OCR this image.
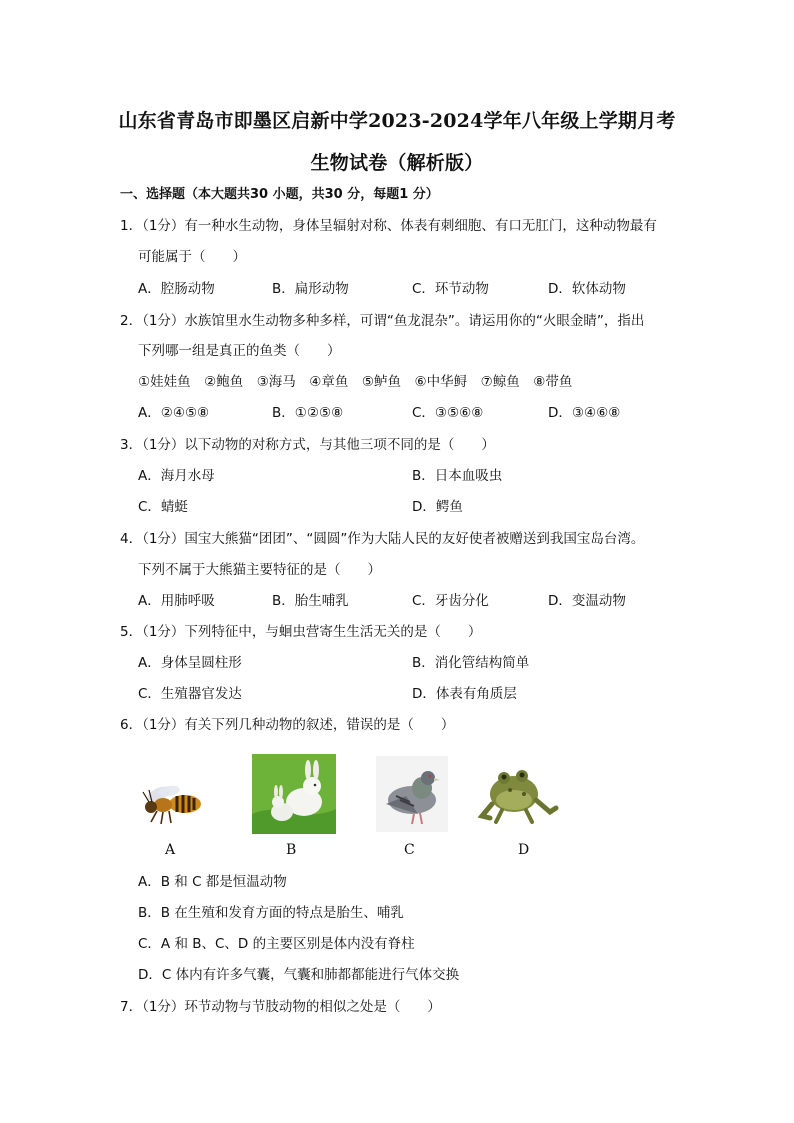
山东省青岛市即墨区启新中学2023-2024学年八年级上学期月考
生物试卷（解析版）
一、选择题（本大题共30 小题，共30 分，每题1 分）
1．（1分）有一种水生动物，身体呈辐射对称、体表有刺细胞、有口无肛门，这种动物最有
可能属于（　　）
A．腔肠动物	B．扁形动物	C．环节动物	D．软体动物
2．（1分）水族馆里水生动物多种多样，可谓“鱼龙混杂”。请运用你的“火眼金睛”，指出
下列哪一组是真正的鱼类（　　）
①娃娃鱼　②鲍鱼　③海马　④章鱼　⑤鲈鱼　⑥中华鲟　⑦鲸鱼　⑧带鱼
A．②④⑤⑧	B．①②⑤⑧	C．③⑤⑥⑧	D．③④⑥⑧
3．（1分）以下动物的对称方式，与其他三项不同的是（　　）
A．海月水母	B．日本血吸虫
C．蜻蜓	D．鳄鱼
4．（1分）国宝大熊猫“团团”、“圆圆”作为大陆人民的友好使者被赠送到我国宝岛台湾。
下列不属于大熊猫主要特征的是（　　）
A．用肺呼吸	B．胎生哺乳	C．牙齿分化	D．变温动物
5．（1分）下列特征中，与蛔虫营寄生生活无关的是（　　）
A．身体呈圆柱形	B．消化管结构简单
C．生殖器官发达	D．体表有角质层
6．（1分）有关下列几种动物的叙述，错误的是（　　）
A	B	C	D
A．B 和 C 都是恒温动物
B．B 在生殖和发育方面的特点是胎生、哺乳
C．A 和 B、C、D 的主要区别是体内没有脊柱
D．C 体内有许多气囊，气囊和肺都都能进行气体交换
7．（1分）环节动物与节肢动物的相似之处是（　　）
